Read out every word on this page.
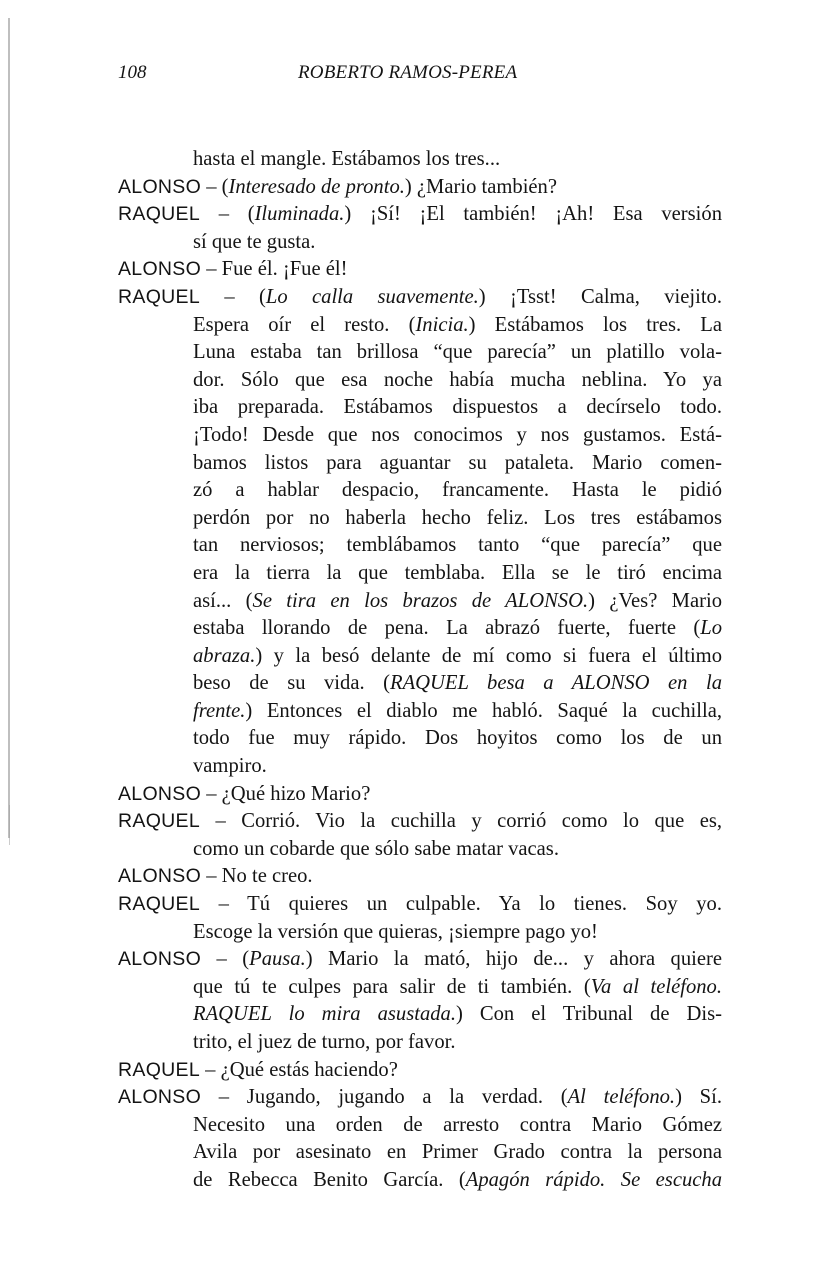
108	ROBERTO RAMOS-PEREA
hasta el mangle. Estábamos los tres...
ALONSO – (Interesado de pronto.) ¿Mario también?
RAQUEL – (Iluminada.) ¡Sí! ¡El también! ¡Ah! Esa versión
sí que te gusta.
ALONSO – Fue él. ¡Fue él!
RAQUEL – (Lo calla suavemente.) ¡Tsst! Calma, viejito.
Espera oír el resto. (Inicia.) Estábamos los tres. La
Luna estaba tan brillosa “que parecía” un platillo vola-
dor. Sólo que esa noche había mucha neblina. Yo ya
iba preparada. Estábamos dispuestos a decírselo todo.
¡Todo! Desde que nos conocimos y nos gustamos. Está-
bamos listos para aguantar su pataleta. Mario comen-
zó a hablar despacio, francamente. Hasta le pidió
perdón por no haberla hecho feliz. Los tres estábamos
tan nerviosos; temblábamos tanto “que parecía” que
era la tierra la que temblaba. Ella se le tiró encima
así... (Se tira en los brazos de ALONSO.) ¿Ves? Mario
estaba llorando de pena. La abrazó fuerte, fuerte (Lo
abraza.) y la besó delante de mí como si fuera el último
beso de su vida. (RAQUEL besa a ALONSO en la
frente.) Entonces el diablo me habló. Saqué la cuchilla,
todo fue muy rápido. Dos hoyitos como los de un
vampiro.
ALONSO – ¿Qué hizo Mario?
RAQUEL – Corrió. Vio la cuchilla y corrió como lo que es,
como un cobarde que sólo sabe matar vacas.
ALONSO – No te creo.
RAQUEL – Tú quieres un culpable. Ya lo tienes. Soy yo.
Escoge la versión que quieras, ¡siempre pago yo!
ALONSO – (Pausa.) Mario la mató, hijo de... y ahora quiere
que tú te culpes para salir de ti también. (Va al teléfono.
RAQUEL lo mira asustada.) Con el Tribunal de Dis-
trito, el juez de turno, por favor.
RAQUEL – ¿Qué estás haciendo?
ALONSO – Jugando, jugando a la verdad. (Al teléfono.) Sí.
Necesito una orden de arresto contra Mario Gómez
Avila por asesinato en Primer Grado contra la persona
de Rebecca Benito García. (Apagón rápido. Se escucha
